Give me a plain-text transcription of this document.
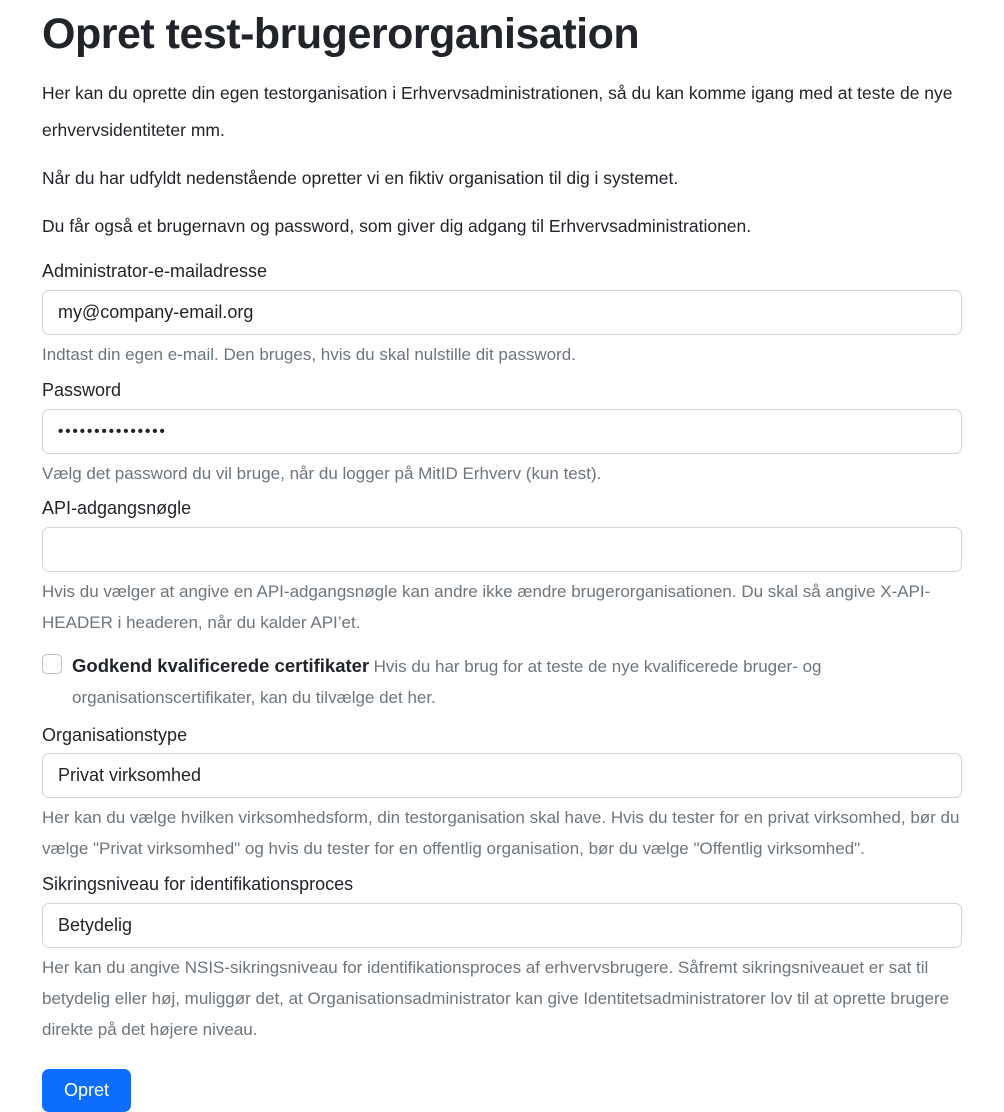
Opret test-brugerorganisation

Her kan du oprette din egen testorganisation i Erhvervsadministrationen, så du kan komme igang med at teste de nye erhvervsidentiteter mm.

Når du har udfyldt nedenstående opretter vi en fiktiv organisation til dig i systemet.

Du får også et brugernavn og password, som giver dig adgang til Erhvervsadministrationen.

Administrator-e-mailadresse
my@company-email.org
Indtast din egen e-mail. Den bruges, hvis du skal nulstille dit password.
Password
•••••••••••••••
Vælg det password du vil bruge, når du logger på MitID Erhverv (kun test).
API-adgangsnøgle
Hvis du vælger at angive en API-adgangsnøgle kan andre ikke ændre brugerorganisationen. Du skal så angive X-API-HEADER i headeren, når du kalder API’et.
Godkend kvalificerede certifikater Hvis du har brug for at teste de nye kvalificerede bruger- og organisationscertifikater, kan du tilvælge det her.
Organisationstype
Privat virksomhed
Her kan du vælge hvilken virksomhedsform, din testorganisation skal have. Hvis du tester for en privat virksomhed, bør du vælge "Privat virksomhed" og hvis du tester for en offentlig organisation, bør du vælge "Offentlig virksomhed".
Sikringsniveau for identifikationsproces
Betydelig
Her kan du angive NSIS-sikringsniveau for identifikationsproces af erhvervsbrugere. Såfremt sikringsniveauet er sat til betydelig eller høj, muliggør det, at Organisationsadministrator kan give Identitetsadministratorer lov til at oprette brugere direkte på det højere niveau.
Opret
